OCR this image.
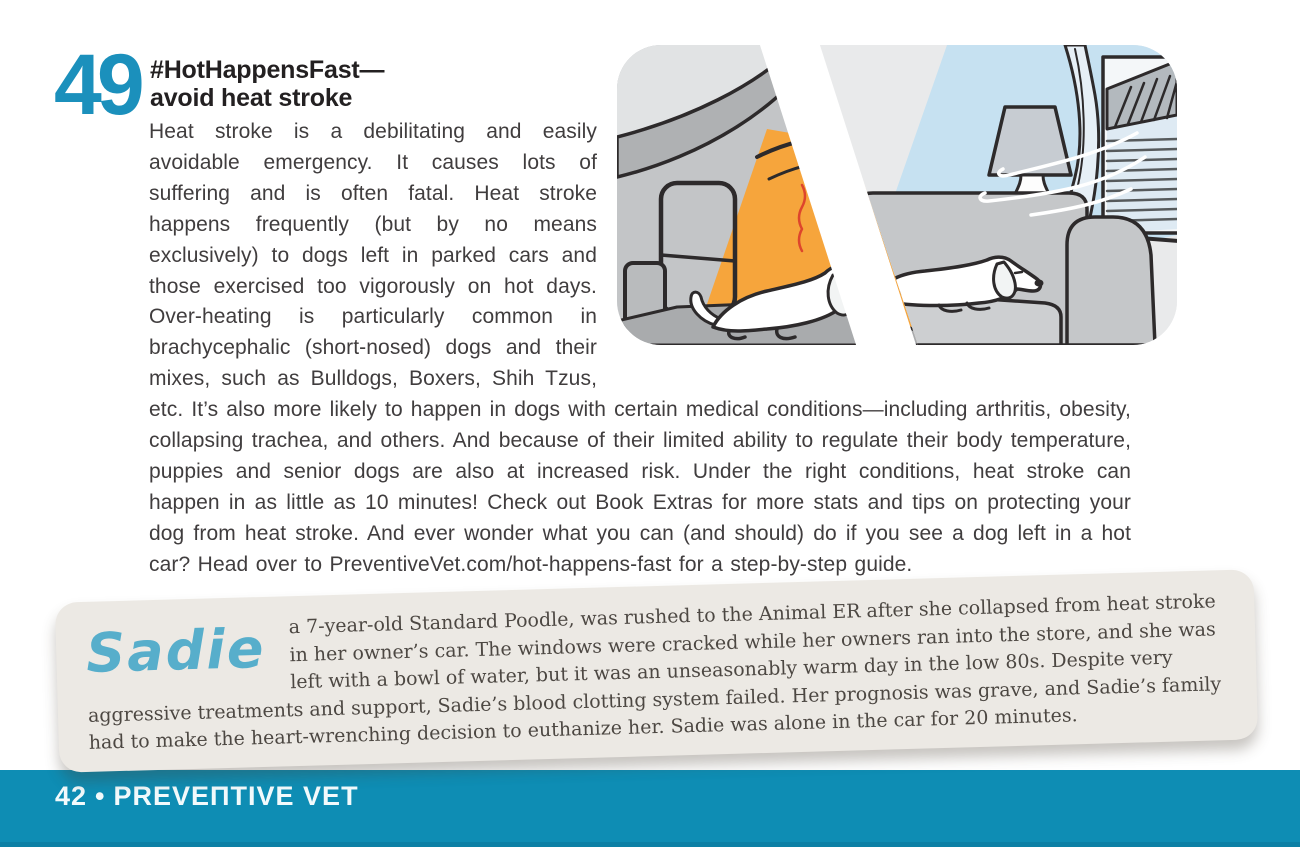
49 #HotHappensFast—
avoid heat stroke
Heat stroke is a debilitating and easily avoidable emergency. It causes lots of suffering and is often fatal. Heat stroke happens frequently (but by no means exclusively) to dogs left in parked cars and those exercised too vigorously on hot days. Over-heating is particularly common in brachycephalic (short-nosed) dogs and their mixes, such as Bulldogs, Boxers, Shih Tzus, etc. It’s also more likely to happen in dogs with certain medical conditions—including arthritis, obesity, collapsing trachea, and others. And because of their limited ability to regulate their body temperature, puppies and senior dogs are also at increased risk. Under the right conditions, heat stroke can happen in as little as 10 minutes! Check out Book Extras for more stats and tips on protecting your dog from heat stroke. And ever wonder what you can (and should) do if you see a dog left in a hot car? Head over to PreventiveVet.com/hot-happens-fast for a step-by-step guide.
Sadie
a 7-year-old Standard Poodle, was rushed to the Animal ER after she collapsed from heat stroke in her owner’s car. The windows were cracked while her owners ran into the store, and she was left with a bowl of water, but it was an unseasonably warm day in the low 80s. Despite very aggressive treatments and support, Sadie’s blood clotting system failed. Her prognosis was grave, and Sadie’s family had to make the heart-wrenching decision to euthanize her. Sadie was alone in the car for 20 minutes.
42 • PREVEΠTIVE VET
